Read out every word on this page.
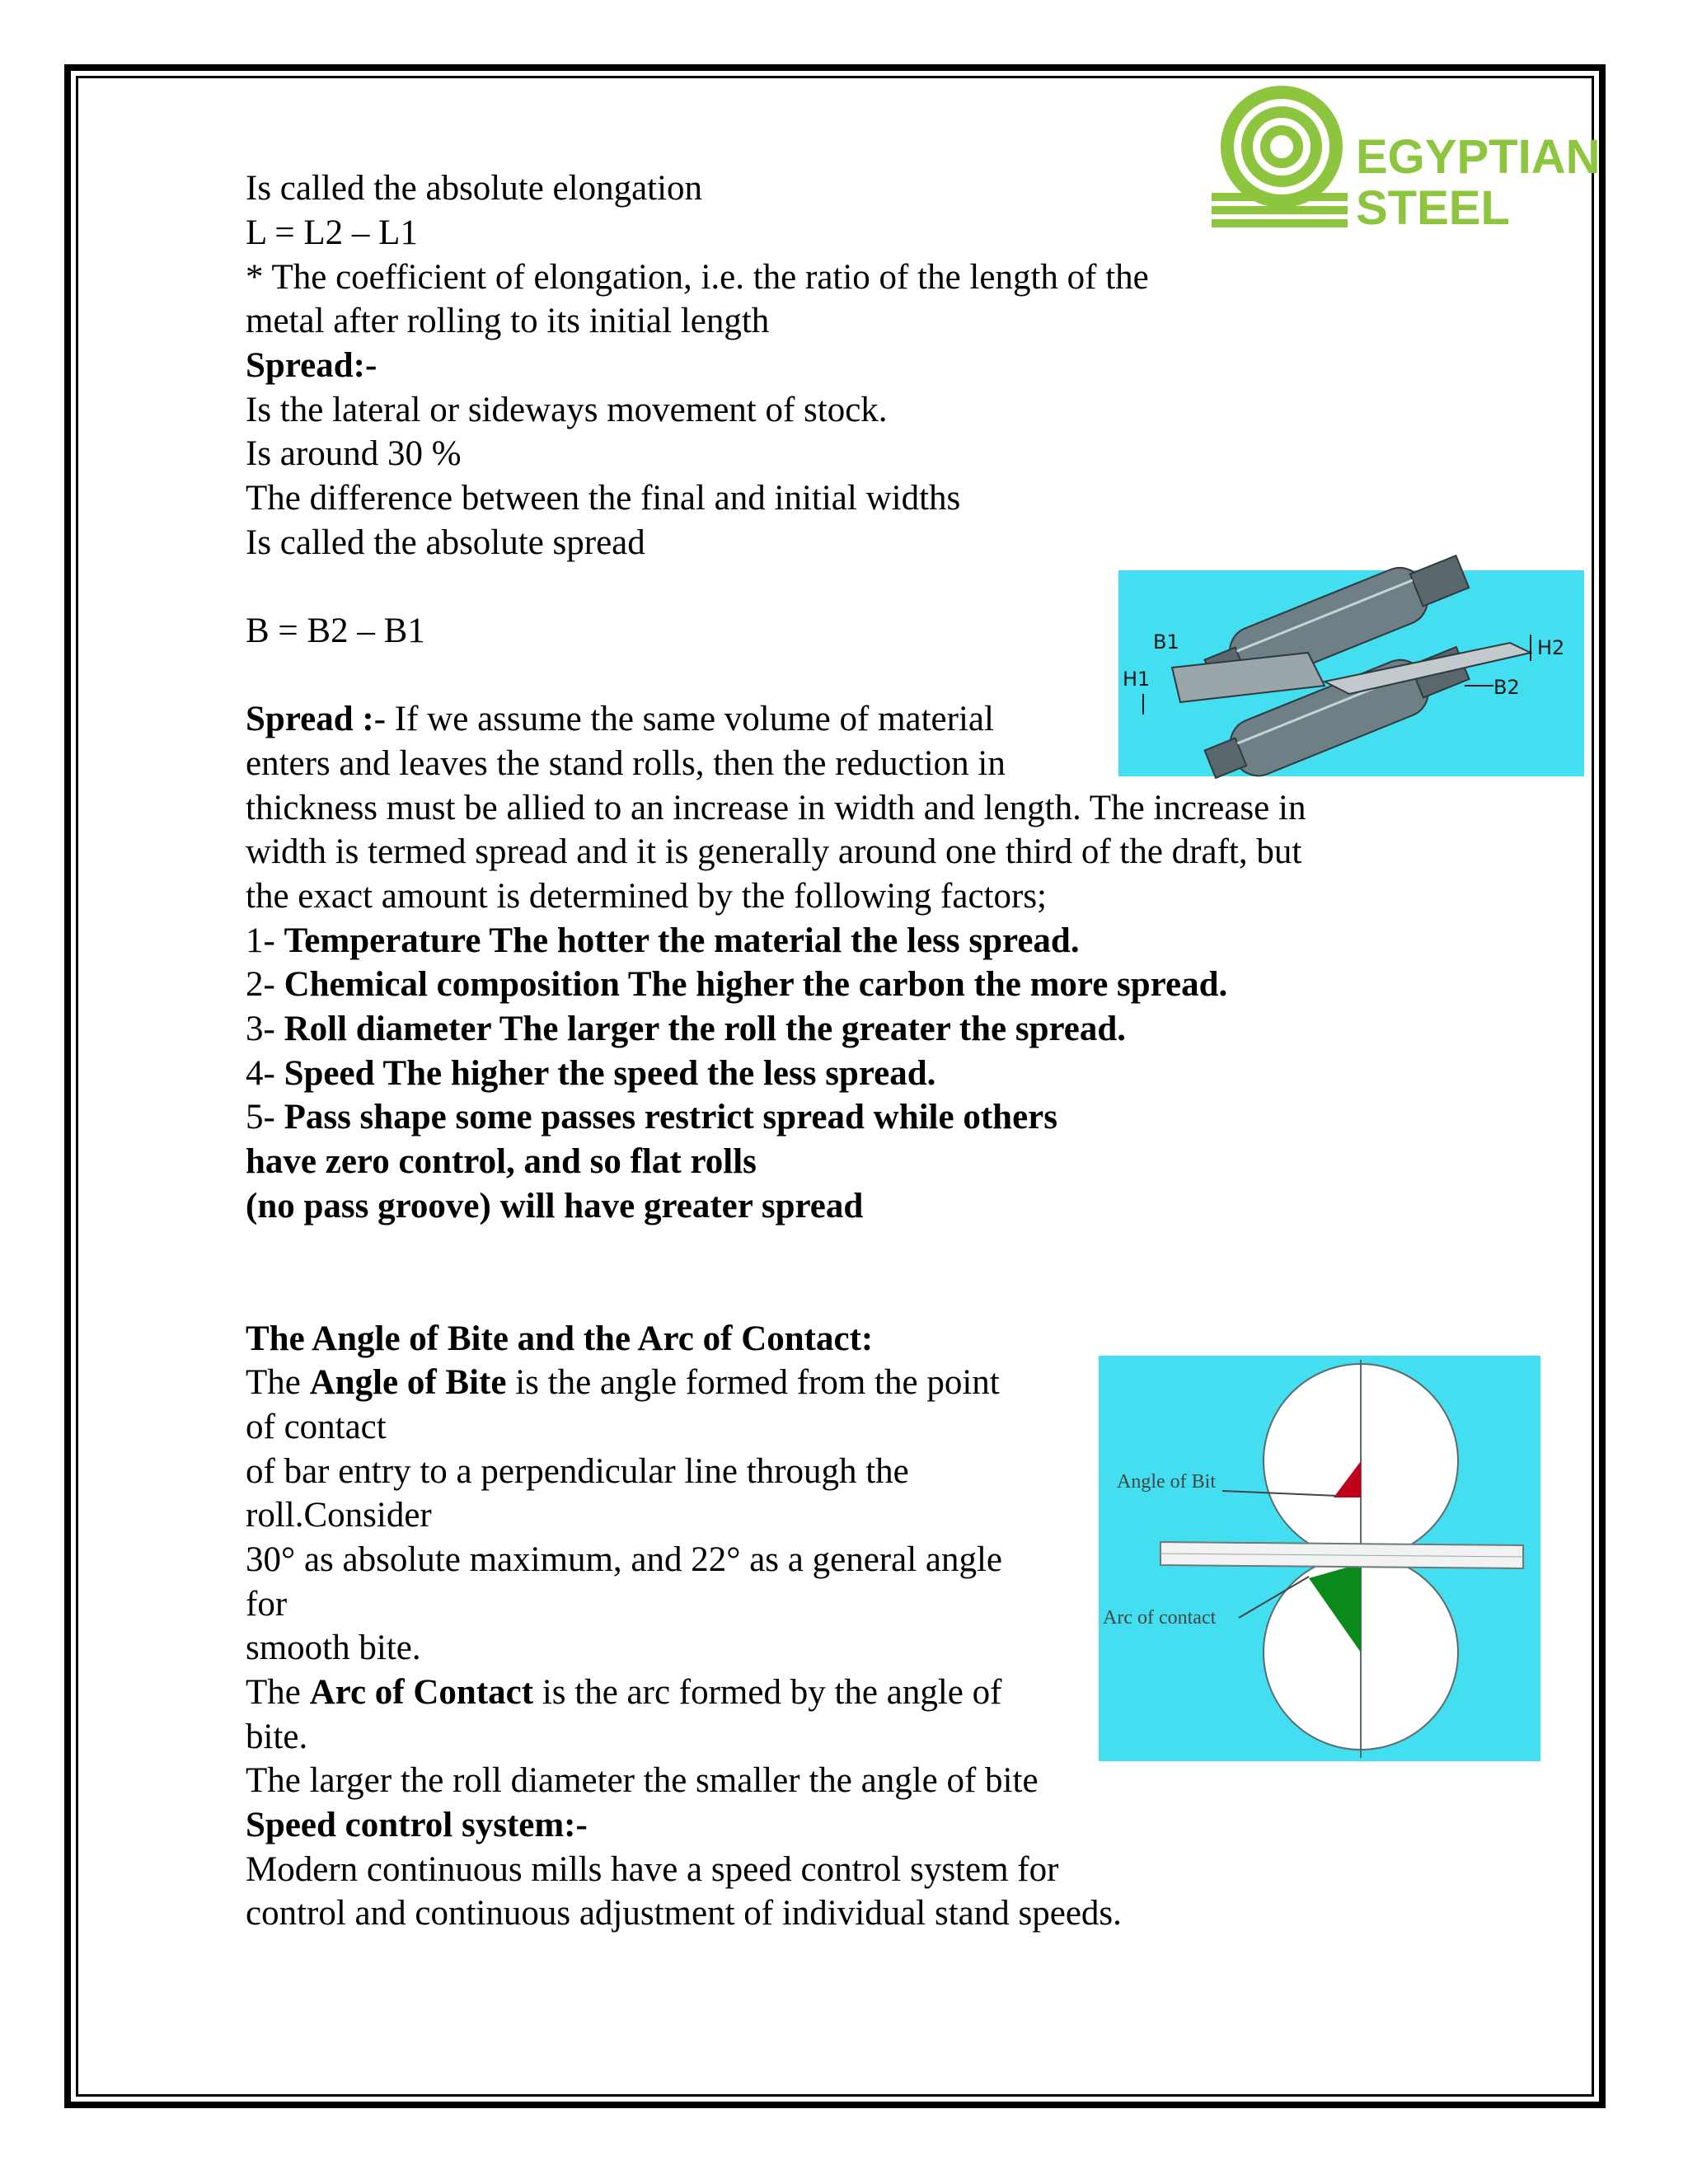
EGYPTIAN
STEEL
Is called the absolute elongation
L = L2 – L1
* The coefficient of elongation, i.e. the ratio of the length of the
metal after rolling to its initial length
Spread:-
Is the lateral or sideways movement of stock.
Is around 30 %
The difference between the final and initial widths
Is called the absolute spread
B = B2 – B1
Spread :- If we assume the same volume of material
enters and leaves the stand rolls, then the reduction in
thickness must be allied to an increase in width and length. The increase in
width is termed spread and it is generally around one third of the draft, but
the exact amount is determined by the following factors;
1- Temperature The hotter the material the less spread.
2- Chemical composition The higher the carbon the more spread.
3- Roll diameter The larger the roll the greater the spread.
4- Speed The higher the speed the less spread.
5- Pass shape some passes restrict spread while others
have zero control, and so flat rolls
(no pass groove) will have greater spread
The Angle of Bite and the Arc of Contact:
The Angle of Bite is the angle formed from the point
of contact
of bar entry to a perpendicular line through the
roll.Consider
30° as absolute maximum, and 22° as a general angle
for
smooth bite.
The Arc of Contact is the arc formed by the angle of
bite.
The larger the roll diameter the smaller the angle of bite
Speed control system:-
Modern continuous mills have a speed control system for
control and continuous adjustment of individual stand speeds.
B1
H1
H2
B2
Angle of Bit
Arc of contact
